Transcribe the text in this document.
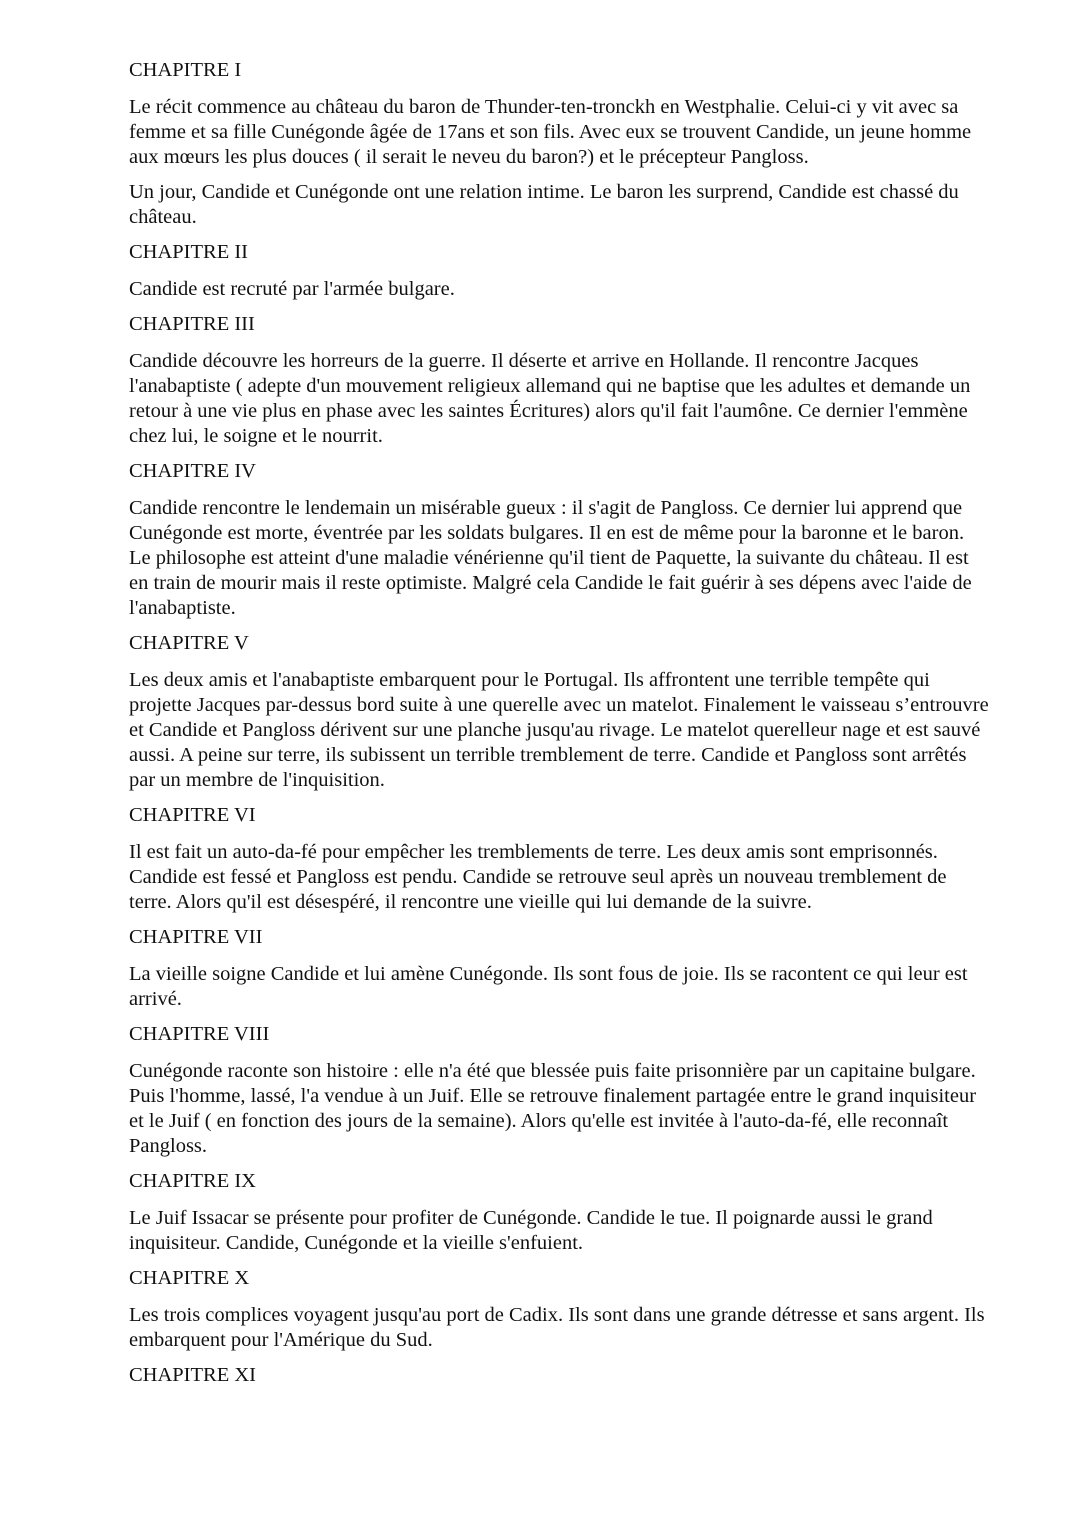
CHAPITRE I

Le récit commence au château du baron de Thunder-ten-tronckh en Westphalie. Celui-ci y vit avec sa femme et sa fille Cunégonde âgée de 17ans et son fils. Avec eux se trouvent Candide, un jeune homme aux mœurs les plus douces ( il serait le neveu du baron?) et le précepteur Pangloss.

Un jour, Candide et Cunégonde ont une relation intime. Le baron les surprend, Candide est chassé du château.

CHAPITRE II

Candide est recruté par l'armée bulgare.

CHAPITRE III

Candide découvre les horreurs de la guerre. Il déserte et arrive en Hollande. Il rencontre Jacques l'anabaptiste ( adepte d'un mouvement religieux allemand qui ne baptise que les adultes et demande un retour à une vie plus en phase avec les saintes Écritures) alors qu'il fait l'aumône. Ce dernier l'emmène chez lui, le soigne et le nourrit.

CHAPITRE IV

Candide rencontre le lendemain un misérable gueux : il s'agit de Pangloss. Ce dernier lui apprend que Cunégonde est morte, éventrée par les soldats bulgares. Il en est de même pour la baronne et le baron. Le philosophe est atteint d'une maladie vénérienne qu'il tient de Paquette, la suivante du château. Il est en train de mourir mais il reste optimiste. Malgré cela Candide le fait guérir à ses dépens avec l'aide de l'anabaptiste.

CHAPITRE V

Les deux amis et l'anabaptiste embarquent pour le Portugal. Ils affrontent une terrible tempête qui projette Jacques par-dessus bord suite à une querelle avec un matelot. Finalement le vaisseau s’entrouvre et Candide et Pangloss dérivent sur une planche jusqu'au rivage. Le matelot querelleur nage et est sauvé aussi. A peine sur terre, ils subissent un terrible tremblement de terre. Candide et Pangloss sont arrêtés par un membre de l'inquisition.

CHAPITRE VI

Il est fait un auto-da-fé pour empêcher les tremblements de terre. Les deux amis sont emprisonnés. Candide est fessé et Pangloss est pendu. Candide se retrouve seul après un nouveau tremblement de terre. Alors qu'il est désespéré, il rencontre une vieille qui lui demande de la suivre.

CHAPITRE VII

La vieille soigne Candide et lui amène Cunégonde. Ils sont fous de joie. Ils se racontent ce qui leur est arrivé.

CHAPITRE VIII

Cunégonde raconte son histoire : elle n'a été que blessée puis faite prisonnière par un capitaine bulgare. Puis l'homme, lassé, l'a vendue à un Juif. Elle se retrouve finalement partagée entre le grand inquisiteur et le Juif ( en fonction des jours de la semaine). Alors qu'elle est invitée à l'auto-da-fé, elle reconnaît Pangloss.

CHAPITRE IX

Le Juif Issacar se présente pour profiter de Cunégonde. Candide le tue. Il poignarde aussi le grand inquisiteur. Candide, Cunégonde et la vieille s'enfuient.

CHAPITRE X

Les trois complices voyagent jusqu'au port de Cadix. Ils sont dans une grande détresse et sans argent. Ils embarquent pour l'Amérique du Sud.

CHAPITRE XI
